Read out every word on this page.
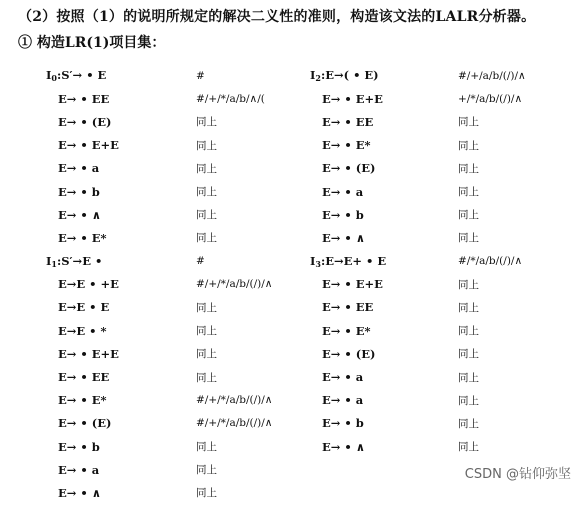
（2）按照（1）的说明所规定的解决二义性的准则，构造该文法的LALR分析器。
① 构造LR(1)项目集：
$I_0:S'\to$ • E	#
E→ • EE	#/+/*/a/b/∧/(
E→ • (E)	同上
E→ • E+E	同上
E→ • a	同上
E→ • b	同上
E→ • ∧	同上
E→ • E*	同上
$I_1:S'\to E$ •	#
E→E • +E	#/+/*/a/b/(/)/∧
E→E • E	同上
E→E • *	同上
E→ • E+E	同上
E→ • EE	同上
E→ • E*	#/+/*/a/b/(/)/∧
E→ • (E)	#/+/*/a/b/(/)/∧
E→ • b	同上
E→ • a	同上
E→ • ∧	同上
$I_2:E\to$( • E)	#/+/a/b/(/)/∧
E→ • E+E	+/*/a/b/(/)/∧
E→ • EE	同上
E→ • E*	同上
E→ • (E)	同上
E→ • a	同上
E→ • b	同上
E→ • ∧	同上
$I_3:E\to E+$ • E	#/*/a/b/(/)/∧
E→ • E+E	同上
E→ • EE	同上
E→ • E*	同上
E→ • (E)	同上
E→ • a	同上
E→ • a	同上
E→ • b	同上
E→ • ∧	同上
CSDN @钻仰弥坚
